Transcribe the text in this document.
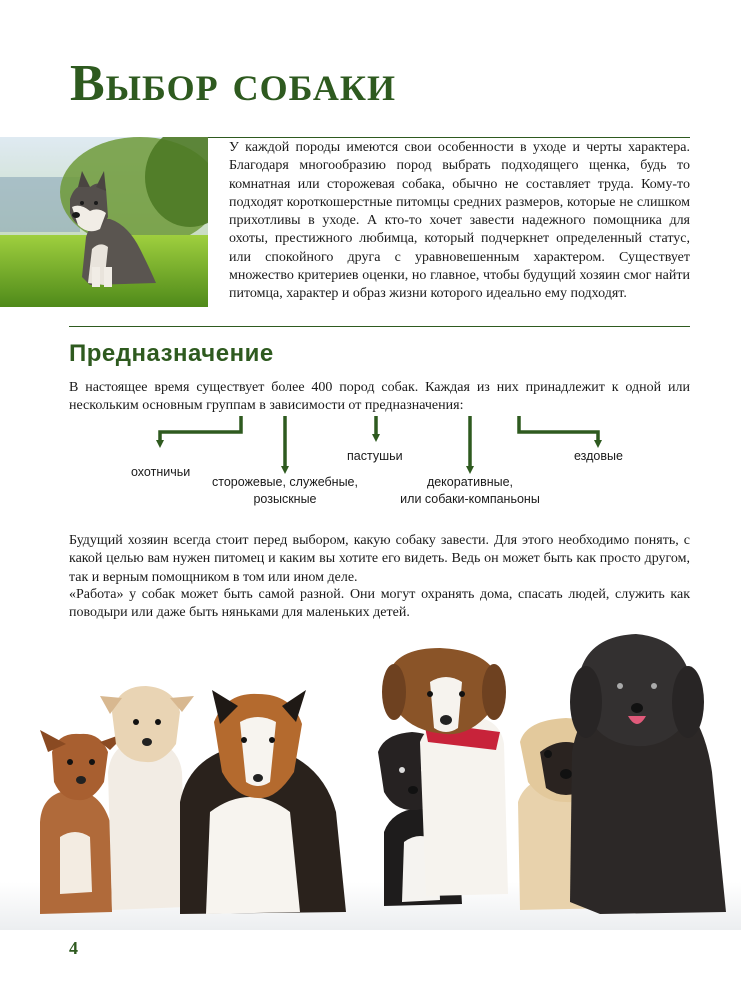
Выбор собаки

У каждой породы имеются свои особенности в уходе и черты характера. Благодаря многообразию пород выбрать подходящего щенка, будь то комнатная или сторожевая собака, обычно не составляет труда. Кому-то подходят короткошерстные питомцы средних размеров, которые не слишком прихотливы в уходе. А кто-то хочет завести надежного помощника для охоты, престижного любимца, который подчеркнет определенный статус, или спокойного друга с уравновешенным характером. Существует множество критериев оценки, но главное, чтобы будущий хозяин смог найти питомца, характер и образ жизни которого идеально ему подходят.

Предназначение

В настоящее время существует более 400 пород собак. Каждая из них принадлежит к одной или нескольким основным группам в зависимости от предназначения:

охотничьи
сторожевые, служебные,
розыскные
пастушьи
декоративные,
или собаки-компаньоны
ездовые

Будущий хозяин всегда стоит перед выбором, какую собаку завести. Для этого необходимо понять, с какой целью вам нужен питомец и каким вы хотите его видеть. Ведь он может быть как просто другом, так и верным помощником в том или ином деле.

«Работа» у собак может быть самой разной. Они могут охранять дома, спасать людей, служить как поводыри или даже быть няньками для маленьких детей.

4
